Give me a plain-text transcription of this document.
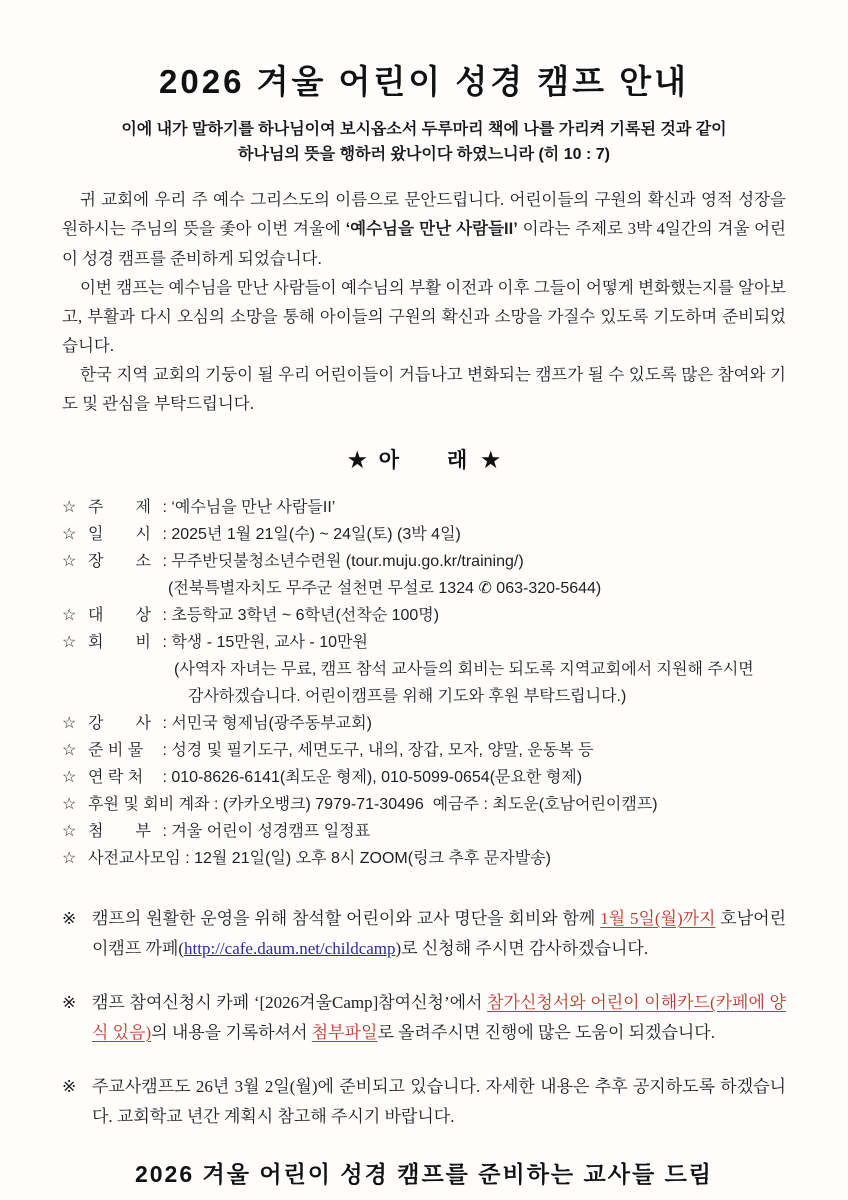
2026 겨울 어린이 성경 캠프 안내
이에 내가 말하기를 하나님이여 보시옵소서 두루마리 책에 나를 가리켜 기록된 것과 같이
하나님의 뜻을 행하러 왔나이다 하였느니라 (히 10 : 7)

귀 교회에 우리 주 예수 그리스도의 이름으로 문안드립니다. 어린이들의 구원의 확신과 영적 성장을 원하시는 주님의 뜻을 좇아 이번 겨울에 ‘예수님을 만난 사람들II’ 이라는 주제로 3박 4일간의 겨울 어린이 성경 캠프를 준비하게 되었습니다.

이번 캠프는 예수님을 만난 사람들이 예수님의 부활 이전과 이후 그들이 어떻게 변화했는지를 알아보고, 부활과 다시 오심의 소망을 통해 아이들의 구원의 확신과 소망을 가질수 있도록 기도하며 준비되었습니다.

한국 지역 교회의 기둥이 될 우리 어린이들이 거듭나고 변화되는 캠프가 될 수 있도록 많은 참여와 기도 및 관심을 부탁드립니다.

★ 아　　래 ★
☆ 주　　제 : ‘예수님을 만난 사람들II’
☆ 일　　시 : 2025년 1월 21일(수) ~ 24일(토) (3박 4일)
☆ 장　　소 : 무주반딧불청소년수련원 (tour.muju.go.kr/training/)
(전북특별자치도 무주군 설천면 무설로 1324 ✆ 063-320-5644)
☆ 대　　상 : 초등학교 3학년 ~ 6학년(선착순 100명)
☆ 회　　비 : 학생 - 15만원, 교사 - 10만원
(사역자 자녀는 무료, 캠프 참석 교사들의 회비는 되도록 지역교회에서 지원해 주시면
감사하겠습니다. 어린이캠프를 위해 기도와 후원 부탁드립니다.)
☆ 강　　사 : 서민국 형제님(광주동부교회)
☆ 준 비 물 : 성경 및 필기도구, 세면도구, 내의, 장갑, 모자, 양말, 운동복 등
☆ 연 락 처 : 010-8626-6141(최도운 형제), 010-5099-0654(문요한 형제)
☆ 후원 및 회비 계좌 : (카카오뱅크) 7979-71-30496  예금주 : 최도운(호남어린이캠프)
☆ 첨　　부 : 겨울 어린이 성경캠프 일정표
☆ 사전교사모임 : 12월 21일(일) 오후 8시 ZOOM(링크 추후 문자발송)
※ 캠프의 원활한 운영을 위해 참석할 어린이와 교사 명단을 회비와 함께 1월 5일(월)까지 호남어린이캠프 까페(http://cafe.daum.net/childcamp)로 신청해 주시면 감사하겠습니다.
※ 캠프 참여신청시 카페 ‘[2026겨울Camp]참여신청’에서 참가신청서와 어린이 이해카드(카페에 양식 있음)의 내용을 기록하셔서 첨부파일로 올려주시면 진행에 많은 도움이 되겠습니다.
※ 주교사캠프도 26년 3월 2일(월)에 준비되고 있습니다. 자세한 내용은 추후 공지하도록 하겠습니다. 교회학교 년간 계획시 참고해 주시기 바랍니다.
2026 겨울 어린이 성경 캠프를 준비하는 교사들 드림
